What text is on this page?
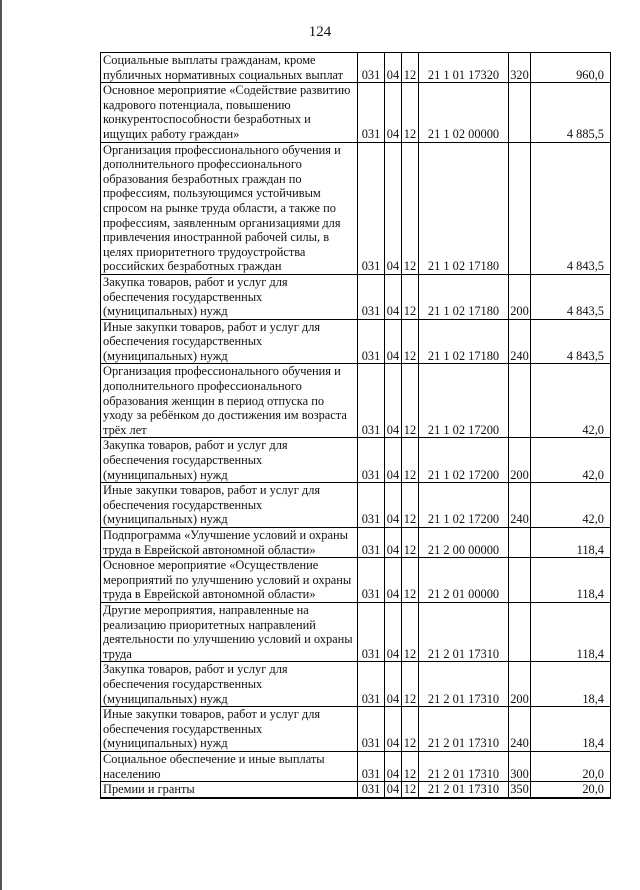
124
Социальные выплаты гражданам, кроме публичных нормативных социальных выплат	031	04	12	21 1 01 17320	320	960,0
Основное мероприятие «Содействие развитию кадрового потенциала, повышению конкурентоспособности безработных и ищущих работу граждан»	031	04	12	21 1 02 00000		4 885,5
Организация профессионального обучения и дополнительного профессионального образования безработных граждан по профессиям, пользующимся устойчивым спросом на рынке труда области, а также по профессиям, заявленным организациями для привлечения иностранной рабочей силы, в целях приоритетного трудоустройства российских безработных граждан	031	04	12	21 1 02 17180		4 843,5
Закупка товаров, работ и услуг для обеспечения государственных (муниципальных) нужд	031	04	12	21 1 02 17180	200	4 843,5
Иные закупки товаров, работ и услуг для обеспечения государственных (муниципальных) нужд	031	04	12	21 1 02 17180	240	4 843,5
Организация профессионального обучения и дополнительного профессионального образования женщин в период отпуска по уходу за ребёнком до достижения им возраста трёх лет	031	04	12	21 1 02 17200		42,0
Закупка товаров, работ и услуг для обеспечения государственных (муниципальных) нужд	031	04	12	21 1 02 17200	200	42,0
Иные закупки товаров, работ и услуг для обеспечения государственных (муниципальных) нужд	031	04	12	21 1 02 17200	240	42,0
Подпрограмма «Улучшение условий и охраны труда в Еврейской автономной области»	031	04	12	21 2 00 00000		118,4
Основное мероприятие «Осуществление мероприятий по улучшению условий и охраны труда в Еврейской автономной области»	031	04	12	21 2 01 00000		118,4
Другие мероприятия, направленные на реализацию приоритетных направлений деятельности по улучшению условий и охраны труда	031	04	12	21 2 01 17310		118,4
Закупка товаров, работ и услуг для обеспечения государственных (муниципальных) нужд	031	04	12	21 2 01 17310	200	18,4
Иные закупки товаров, работ и услуг для обеспечения государственных (муниципальных) нужд	031	04	12	21 2 01 17310	240	18,4
Социальное обеспечение и иные выплаты населению	031	04	12	21 2 01 17310	300	20,0
Премии и гранты	031	04	12	21 2 01 17310	350	20,0
